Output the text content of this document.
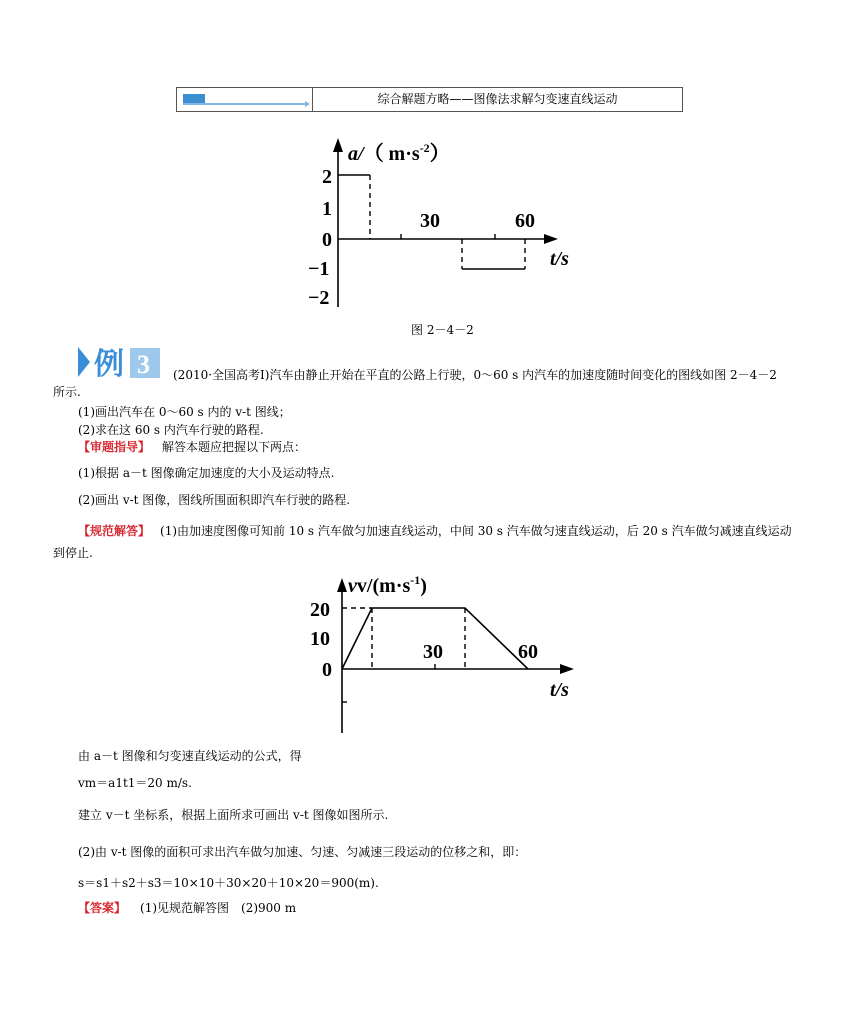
综合解题方略——图像法求解匀变速直线运动
2
1
0
−1
−2
30	60
a/（ $m\cdot s^{-2}$）
t/s
图 2－4－2
例 3 (2010·全国高考Ⅰ)汽车由静止开始在平直的公路上行驶，0～60 s 内汽车的加速度随时间变化的图线如图 2－4－2
所示.
(1)画出汽车在 0～60 s 内的 v-t 图线；
(2)求在这 60 s 内汽车行驶的路程.
【审题指导】 解答本题应把握以下两点：
(1)根据 a－t 图像确定加速度的大小及运动特点.
(2)画出 v-t 图像，图线所围面积即汽车行驶的路程.
【规范解答】 (1)由加速度图像可知前 10 s 汽车做匀加速直线运动，中间 30 s 汽车做匀速直线运动，后 20 s 汽车做匀减速直线运动
到停止.
20
10
0
30	60
$vv/(m\cdot s^{-1})$
t/s
由 a－t 图像和匀变速直线运动的公式，得
vm＝a1t1＝20 m/s.
建立 v－t 坐标系，根据上面所求可画出 v-t 图像如图所示.
(2)由 v-t 图像的面积可求出汽车做匀加速、匀速、匀减速三段运动的位移之和，即：
s＝s1＋s2＋s3＝10×10＋30×20＋10×20＝900(m).
【答案】 (1)见规范解答图　(2)900 m
